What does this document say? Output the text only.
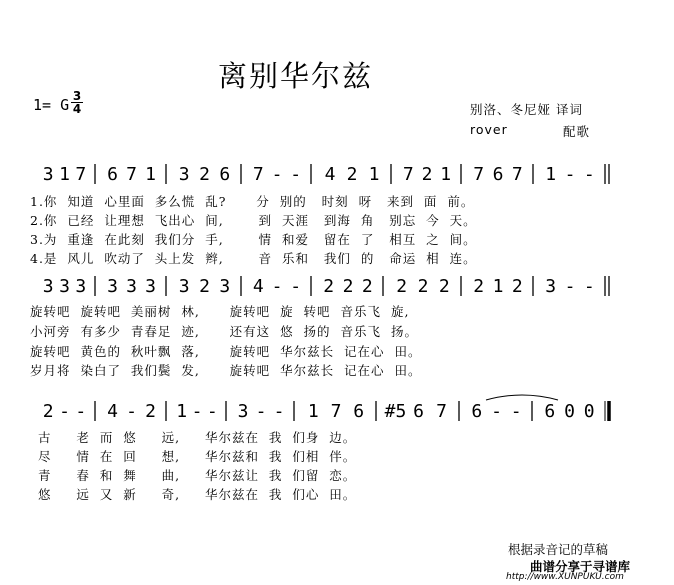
离别华尔兹
1= G 3
4	别洛、冬尼娅 译词
rover	配歌
3 1 7 6 7 1 3 2 6 7 - - 4 2 1 7 2 1 7 6 7 1 - -
3 3 3 3 3 3 3 2 3 4 - - 2 2 2 2 2 2 2 1 2 3 - -
2 - - 4 - 2 1 - - 3 - - 1 7 6 #5 6 7 6 - - 6 0 0
1.你  知道  心里面  多么慌  乱?      分  别的   时刻  呀   来到  面  前。
2.你  已经  让理想  飞出心  间,       到  天涯   到海  角   别忘  今  天。
3.为  重逢  在此刻  我们分  手,       情  和爱   留在  了   相互  之  间。
4.是  风儿  吹动了  头上发  辫,       音  乐和   我们  的   命运  相  连。
旋转吧  旋转吧  美丽树  林,      旋转吧  旋  转吧  音乐飞  旋,
小河旁  有多少  青春足  迹,      还有这  悠  扬的  音乐飞  扬。
旋转吧  黄色的  秋叶飘  落,      旋转吧  华尔兹长  记在心  田。
岁月将  染白了  我们鬓  发,      旋转吧  华尔兹长  记在心  田。
古     老  而  悠     远,     华尔兹在  我  们身  边。
尽     情  在  回     想,     华尔兹和  我  们相  伴。
青     春  和  舞     曲,     华尔兹让  我  们留  恋。
悠     远  又  新     奇,     华尔兹在  我  们心  田。
根据录音记的草稿
曲谱分享于寻谱库
http://www.XUNPUKU.com
